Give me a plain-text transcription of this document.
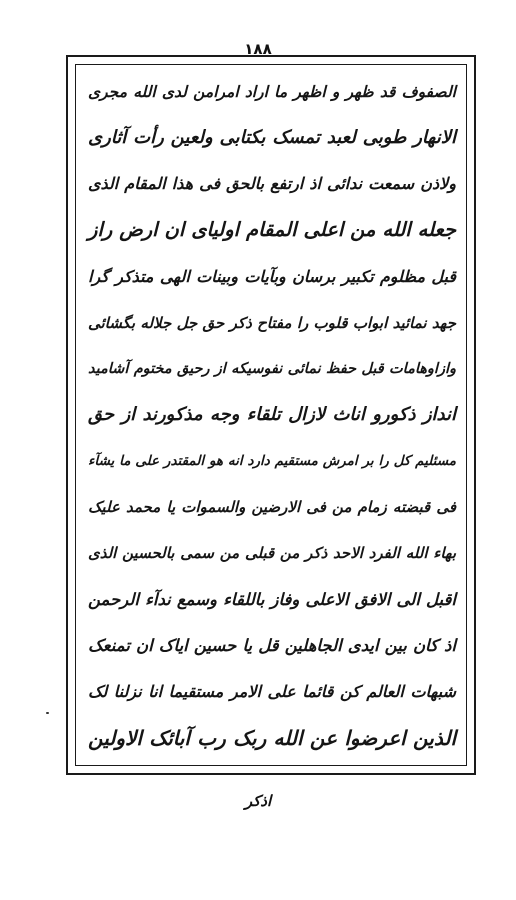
۱۸۸
الصفوف قد ظهر و اظهر ما اراد امرامن لدی الله مجری
الانهار طوبی لعبد تمسک بکتابی ولعین رأت آثاری
ولاذن سمعت ندائی اذ ارتفع بالحق فی هذا المقام الذی
جعله الله من اعلی المقام اولیای ان ارض راز
قبل مظلوم تکبیر برسان وبآیات وبینات الهی متذکر گرا
جهد نمائید ابواب قلوب را مفتاح ذکر حق جل جلاله بگشائی
وازاوهامات قبل حفظ نمائی نفوسیکه از رحیق مختوم آشامید
انداز ذکورو اناث لازال تلقاء وجه مذکورند از حق
مسئلیم کل را بر امرش مستقیم دارد انه هو المقتدر علی ما یشآء
فی قبضته زمام من فی الارضین والسموات یا محمد علیک
بهاء الله الفرد الاحد ذکر من قبلی من سمی بالحسین الذی
اقبل الی الافق الاعلی وفاز باللقاء وسمع ندآء الرحمن
اذ کان بین ایدی الجاهلین قل یا حسین ایاک ان تمنعک
شبهات العالم کن قائما علی الامر مستقیما انا نزلنا لک
الذین اعرضوا عن الله ربک رب آبائک الاولین
اذکر
